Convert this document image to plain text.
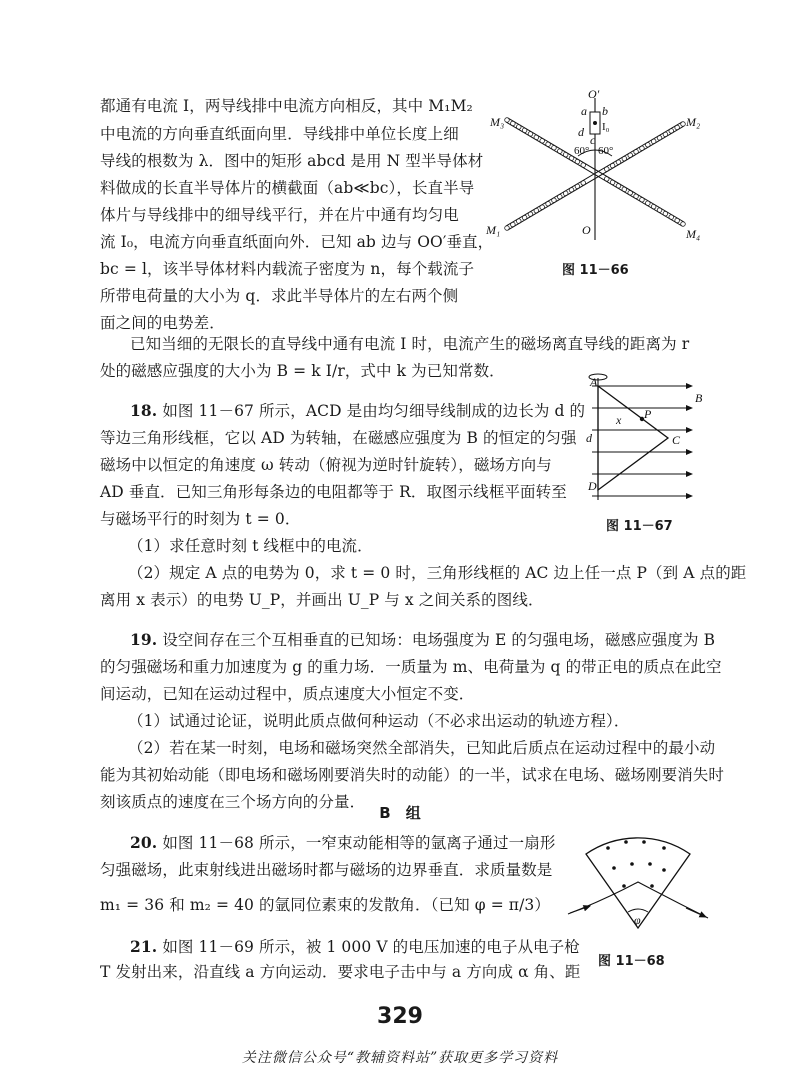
都通有电流 I，两导线排中电流方向相反，其中 M₁M₂
中电流的方向垂直纸面向里．导线排中单位长度上细
导线的根数为 λ．图中的矩形 abcd 是用 N 型半导体材
料做成的长直半导体片的横截面（ab≪bc），长直半导
体片与导线排中的细导线平行，并在片中通有均匀电
流 I₀，电流方向垂直纸面向外．已知 ab 边与 OO′垂直，
bc = l，该半导体材料内载流子密度为 n，每个载流子
所带电荷量的大小为 q．求此半导体片的左右两个侧
面之间的电势差．
O′
a b
d
c
I₀
M₃	M₂
M₁	M₄
O
60° 60°
图 11－66
已知当细的无限长的直导线中通有电流 I 时，电流产生的磁场离直导线的距离为 r
处的磁感应强度的大小为 B = k I/r，式中 k 为已知常数．
18. 如图 11－67 所示，ACD 是由均匀细导线制成的边长为 d 的
等边三角形线框，它以 AD 为转轴，在磁感应强度为 B 的恒定的匀强
磁场中以恒定的角速度 ω 转动（俯视为逆时针旋转），磁场方向与
AD 垂直．已知三角形每条边的电阻都等于 R．取图示线框平面转至
与磁场平行的时刻为 t = 0．
（1）求任意时刻 t 线框中的电流．
（2）规定 A 点的电势为 0，求 t = 0 时，三角形线框的 AC 边上任一点 P（到 A 点的距
离用 x 表示）的电势 U_P，并画出 U_P 与 x 之间关系的图线．
A
B
x P
d	C
D
图 11－67
19. 设空间存在三个互相垂直的已知场：电场强度为 E 的匀强电场，磁感应强度为 B
的匀强磁场和重力加速度为 g 的重力场．一质量为 m、电荷量为 q 的带正电的质点在此空
间运动，已知在运动过程中，质点速度大小恒定不变．
（1）试通过论证，说明此质点做何种运动（不必求出运动的轨迹方程）．
（2）若在某一时刻，电场和磁场突然全部消失，已知此后质点在运动过程中的最小动
能为其初始动能（即电场和磁场刚要消失时的动能）的一半，试求在电场、磁场刚要消失时
刻该质点的速度在三个场方向的分量．
B　组
20. 如图 11－68 所示，一窄束动能相等的氩离子通过一扇形
匀强磁场，此束射线进出磁场时都与磁场的边界垂直．求质量数是
m₁ = 36 和 m₂ = 40 的氩同位素束的发散角．（已知 φ = π/3）
φ
图 11－68
21. 如图 11－69 所示，被 1 000 V 的电压加速的电子从电子枪
T 发射出来，沿直线 a 方向运动．要求电子击中与 a 方向成 α 角、距
329
关注微信公众号“教辅资料站”获取更多学习资料
